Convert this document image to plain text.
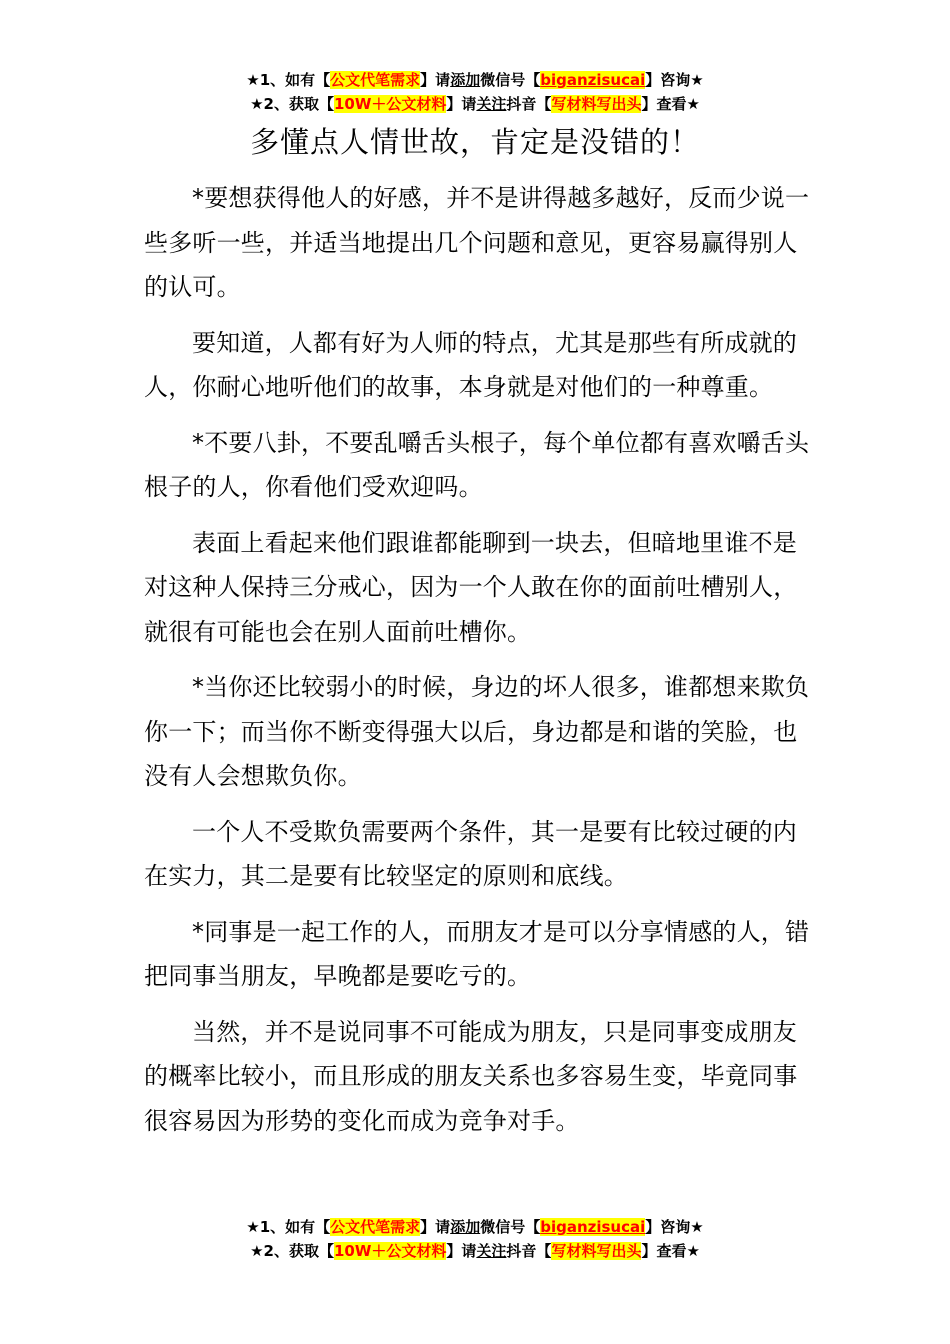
★1、如有【公文代笔需求】请添加微信号【biganzisucai】咨询★
★2、获取【10W＋公文材料】请关注抖音【写材料写出头】查看★
多懂点人情世故，肯定是没错的！

*要想获得他人的好感，并不是讲得越多越好，反而少说一些多听一些，并适当地提出几个问题和意见，更容易赢得别人的认可。

要知道，人都有好为人师的特点，尤其是那些有所成就的人，你耐心地听他们的故事，本身就是对他们的一种尊重。

*不要八卦，不要乱嚼舌头根子，每个单位都有喜欢嚼舌头根子的人，你看他们受欢迎吗。

表面上看起来他们跟谁都能聊到一块去，但暗地里谁不是对这种人保持三分戒心，因为一个人敢在你的面前吐槽别人，就很有可能也会在别人面前吐槽你。

*当你还比较弱小的时候，身边的坏人很多，谁都想来欺负你一下；而当你不断变得强大以后，身边都是和谐的笑脸，也没有人会想欺负你。

一个人不受欺负需要两个条件，其一是要有比较过硬的内在实力，其二是要有比较坚定的原则和底线。

*同事是一起工作的人，而朋友才是可以分享情感的人，错把同事当朋友，早晚都是要吃亏的。

当然，并不是说同事不可能成为朋友，只是同事变成朋友的概率比较小，而且形成的朋友关系也多容易生变，毕竟同事很容易因为形势的变化而成为竞争对手。

★1、如有【公文代笔需求】请添加微信号【biganzisucai】咨询★
★2、获取【10W＋公文材料】请关注抖音【写材料写出头】查看★
